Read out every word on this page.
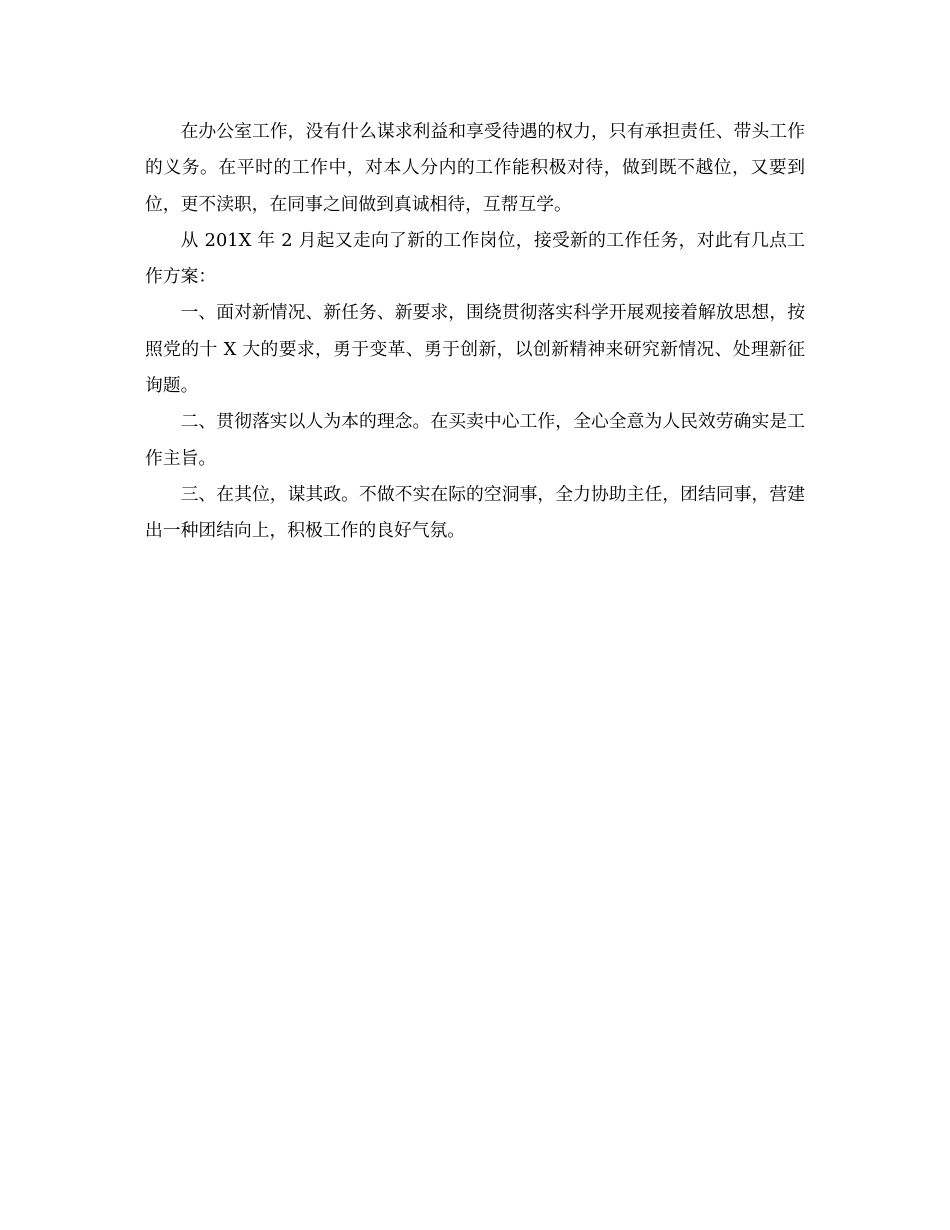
在办公室工作，没有什么谋求利益和享受待遇的权力，只有承担责任、带头工作的义务。在平时的工作中，对本人分内的工作能积极对待，做到既不越位，又要到位，更不渎职，在同事之间做到真诚相待，互帮互学。

从 201X 年 2 月起又走向了新的工作岗位，接受新的工作任务，对此有几点工作方案：

一、面对新情况、新任务、新要求，围绕贯彻落实科学开展观接着解放思想，按照党的十 X 大的要求，勇于变革、勇于创新，以创新精神来研究新情况、处理新征询题。

二、贯彻落实以人为本的理念。在买卖中心工作，全心全意为人民效劳确实是工作主旨。

三、在其位，谋其政。不做不实在际的空洞事，全力协助主任，团结同事，营建出一种团结向上，积极工作的良好气氛。
